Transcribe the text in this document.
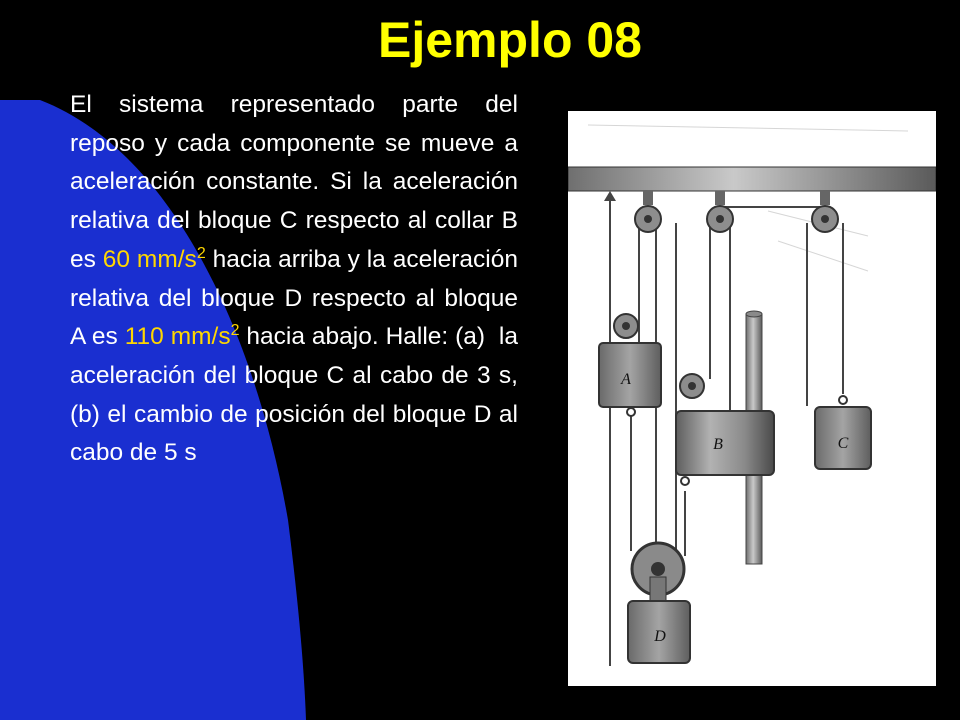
Ejemplo 08

El sistema representado parte del reposo y cada componente se mueve a aceleración constante. Si la aceleración relativa del bloque C respecto al collar B es 60 $mm/s^2$ hacia arriba y la aceleración relativa del bloque D respecto al bloque A es 110 $mm/s^2$ hacia abajo. Halle: (a)  la aceleración del bloque C al cabo de 3 s, (b) el cambio de posición del bloque D al cabo de 5 s

A
B	C
D
